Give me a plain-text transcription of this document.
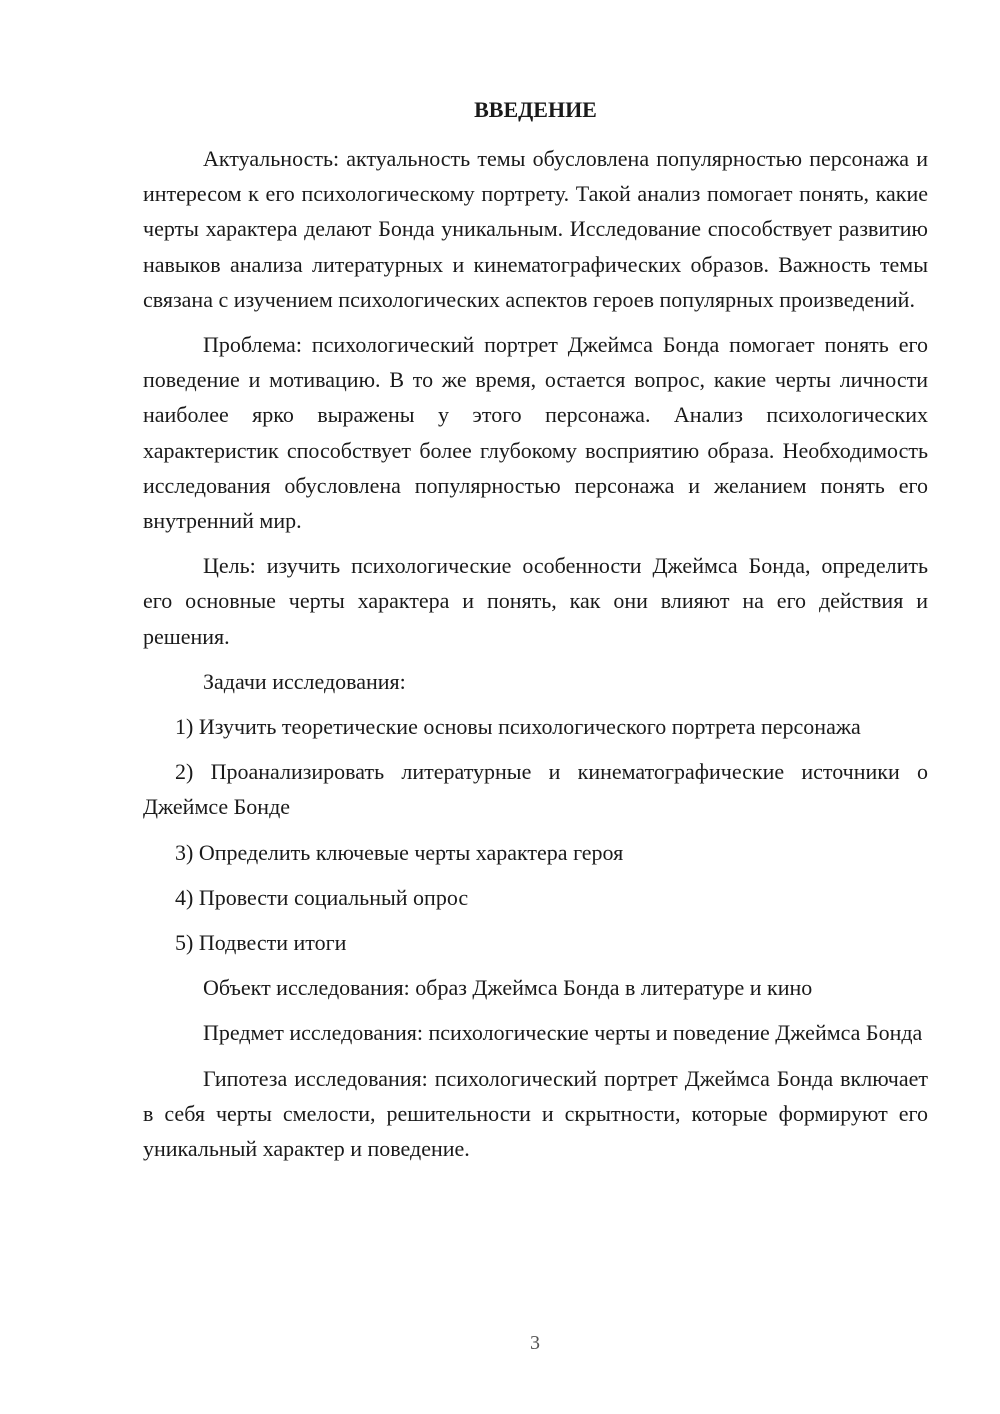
ВВЕДЕНИЕ

Актуальность: актуальность темы обусловлена популярностью персонажа и интересом к его психологическому портрету. Такой анализ помогает понять, какие черты характера делают Бонда уникальным. Исследование способствует развитию навыков анализа литературных и кинематографических образов. Важность темы связана с изучением психологических аспектов героев популярных произведений.

Проблема: психологический портрет Джеймса Бонда помогает понять его поведение и мотивацию. В то же время, остается вопрос, какие черты личности наиболее ярко выражены у этого персонажа. Анализ психологических характеристик способствует более глубокому восприятию образа. Необходимость исследования обусловлена популярностью персонажа и желанием понять его внутренний мир.

Цель: изучить психологические особенности Джеймса Бонда, определить его основные черты характера и понять, как они влияют на его действия и решения.

Задачи исследования:

1) Изучить теоретические основы психологического портрета персонажа

2) Проанализировать литературные и кинематографические источники о Джеймсе Бонде

3) Определить ключевые черты характера героя

4) Провести социальный опрос

5) Подвести итоги

Объект исследования: образ Джеймса Бонда в литературе и кино

Предмет исследования: психологические черты и поведение Джеймса Бонда

Гипотеза исследования: психологический портрет Джеймса Бонда включает в себя черты смелости, решительности и скрытности, которые формируют его уникальный характер и поведение.

3
